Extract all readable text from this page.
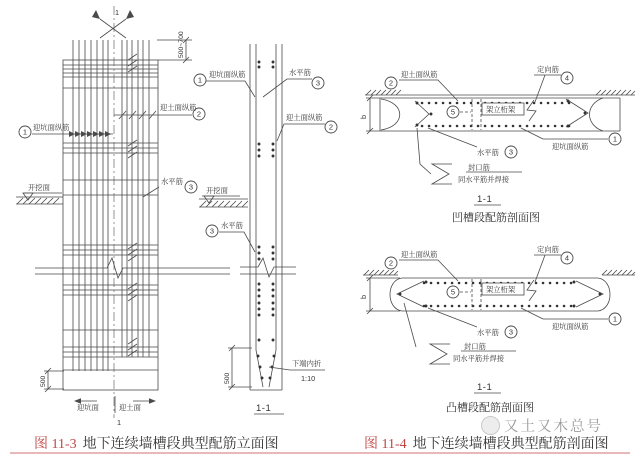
1
500~700
1
迎坑面纵筋
2
迎土面纵筋
3
水平筋
开挖面
500
迎坑面	迎土面
1
1
迎坑面纵筋
3
水平筋
2
迎土面纵筋
3
水平筋
开挖面
500
下端内折
1:10
1-1
2
迎土面纵筋	4
定向筋
5	架立桁架
3
水平筋
1
迎坑面纵筋
封口筋
同水平筋并焊接
b
1-1
凹槽段配筋剖面图
2
迎土面纵筋	4
定向筋
5	架立桁架
3
水平筋
1
迎坑面纵筋
封口筋
同水平筋并焊接
b
1-1
凸槽段配筋剖面图
又土又木总号
图 11-3 地下连续墙槽段典型配筋立面图	图 11-4 地下连续墙槽段典型配筋剖面图
